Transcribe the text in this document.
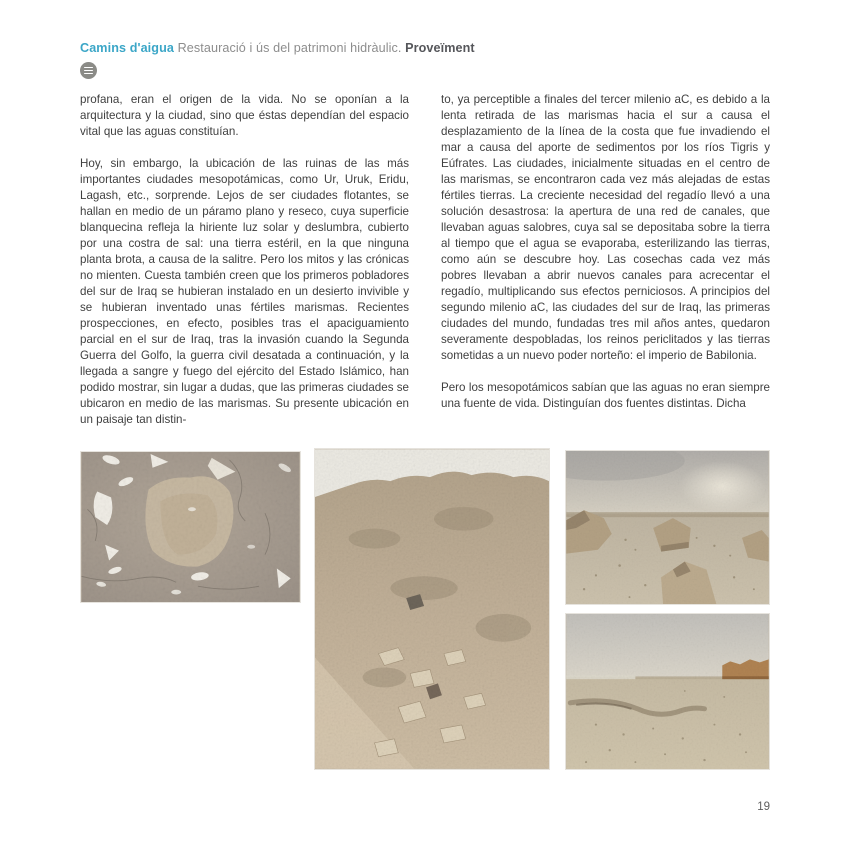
Camins d'aigua Restauració i ús del patrimoni hidràulic. Proveïment

profana, eran el origen de la vida. No se oponían a la arquitectura y la ciudad, sino que éstas dependían del espacio vital que las aguas constituían.

Hoy, sin embargo, la ubicación de las ruinas de las más importantes ciudades mesopotámicas, como Ur, Uruk, Eridu, Lagash, etc., sorprende. Lejos de ser ciudades flotantes, se hallan en medio de un páramo plano y reseco, cuya superficie blanquecina refleja la hiriente luz solar y deslumbra, cubierto por una costra de sal: una tierra estéril, en la que ninguna planta brota, a causa de la salitre. Pero los mitos y las crónicas no mienten. Cuesta también creen que los primeros pobladores del sur de Iraq se hubieran instalado en un desierto invivible y se hubieran inventado unas fértiles marismas. Recientes prospecciones, en efecto, posibles tras el apaciguamiento parcial en el sur de Iraq, tras la invasión cuando la Segunda Guerra del Golfo, la guerra civil desatada a continuación, y la llegada a sangre y fuego del ejército del Estado Islámico, han podido mostrar, sin lugar a dudas, que las primeras ciudades se ubicaron en medio de las marismas. Su presente ubicación en un paisaje tan distin-

to, ya perceptible a finales del tercer milenio aC, es debido a la lenta retirada de las marismas hacia el sur a causa el desplazamiento de la línea de la costa que fue invadiendo el mar a causa del aporte de sedimentos por los ríos Tigris y Eúfrates. Las ciudades, inicialmente situadas en el centro de las marismas, se encontraron cada vez más alejadas de estas fértiles tierras. La creciente necesidad del regadío llevó a una solución desastrosa: la apertura de una red de canales, que llevaban aguas salobres, cuya sal se depositaba sobre la tierra al tiempo que el agua se evaporaba, esterilizando las tierras, como aún se descubre hoy. Las cosechas cada vez más pobres llevaban a abrir nuevos canales para acrecentar el regadío, multiplicando sus efectos perniciosos. A principios del segundo milenio aC, las ciudades del sur de Iraq, las primeras ciudades del mundo, fundadas tres mil años antes, quedaron severamente despobladas, los reinos periclitados y las tierras sometidas a un nuevo poder norteño: el imperio de Babilonia.

Pero los mesopotámicos sabían que las aguas no eran siempre una fuente de vida. Distinguían dos fuentes distintas. Dicha

19
